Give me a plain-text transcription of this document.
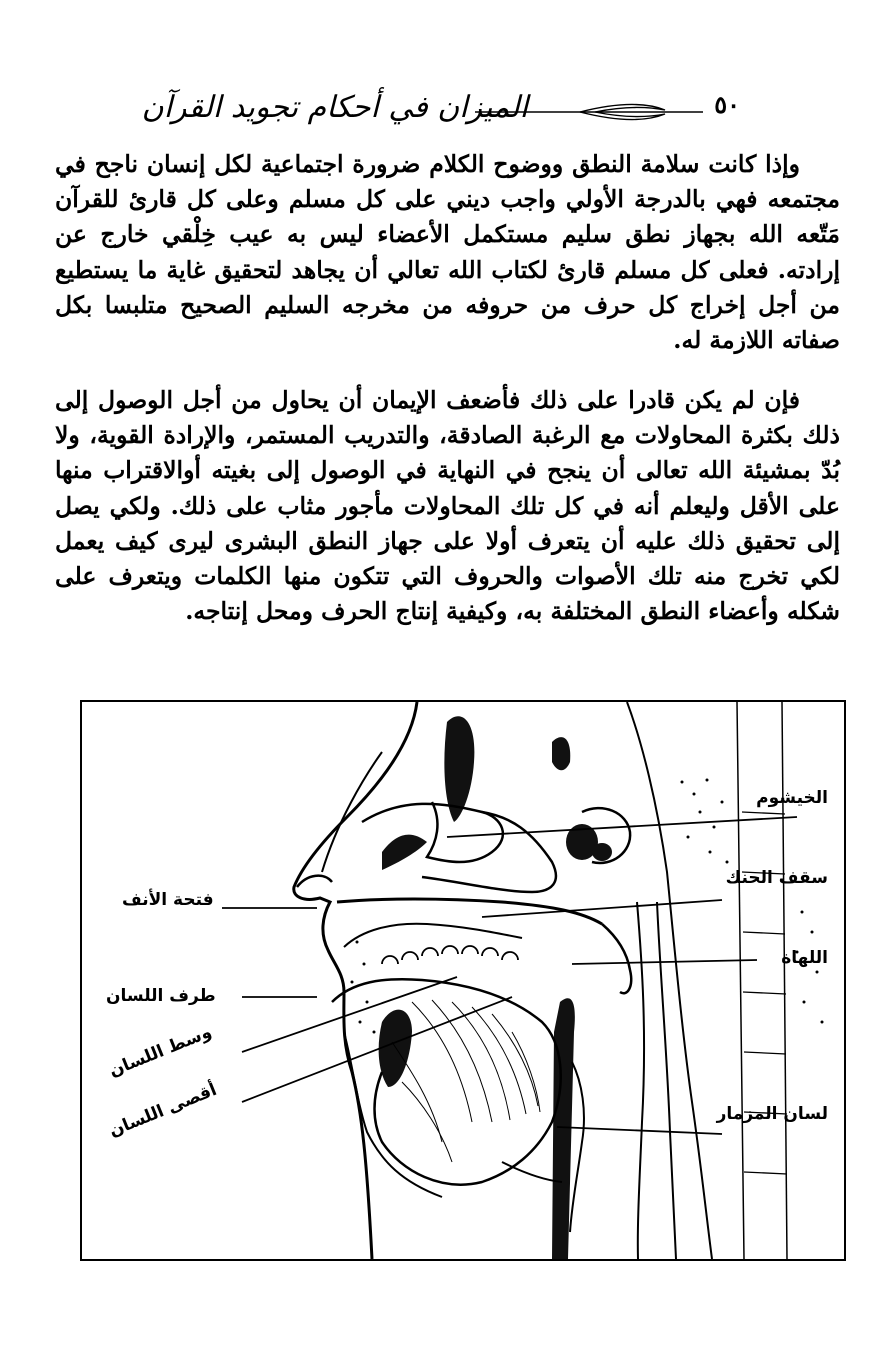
٥٠
الميزان في أحكام تجويد القرآن

وإذا كانت سلامة النطق ووضوح الكلام ضرورة اجتماعية لكل إنسان ناجح في مجتمعه فهي بالدرجة الأولي واجب ديني على كل مسلم وعلى كل قارئ للقرآن مَتّعه الله بجهاز نطق سليم مستكمل الأعضاء ليس به عيب خِلْقي خارج عن إرادته. فعلى كل مسلم قارئ لكتاب الله تعالي أن يجاهد لتحقيق غاية ما يستطيع من أجل إخراج كل حرف من حروفه من مخرجه السليم الصحيح متلبسا بكل صفاته اللازمة له.

فإن لم يكن قادرا على ذلك فأضعف الإيمان أن يحاول من أجل الوصول إلى ذلك بكثرة المحاولات مع الرغبة الصادقة، والتدريب المستمر، والإرادة القوية، ولا بُدّ بمشيئة الله تعالى أن ينجح في النهاية في الوصول إلى بغيته أوالاقتراب منها على الأقل وليعلم أنه في كل تلك المحاولات مأجور مثاب على ذلك. ولكي يصل إلى تحقيق ذلك عليه أن يتعرف أولا على جهاز النطق البشرى ليرى كيف يعمل لكي تخرج منه تلك الأصوات والحروف التي تتكون منها الكلمات ويتعرف على شكله وأعضاء النطق المختلفة به، وكيفية إنتاج الحرف ومحل إنتاجه.

الخيشوم
سقف الحنك
فتحة الأنف
اللهاة
طرف اللسان
وسط اللسان
أقصى اللسان	لسان المزمار
